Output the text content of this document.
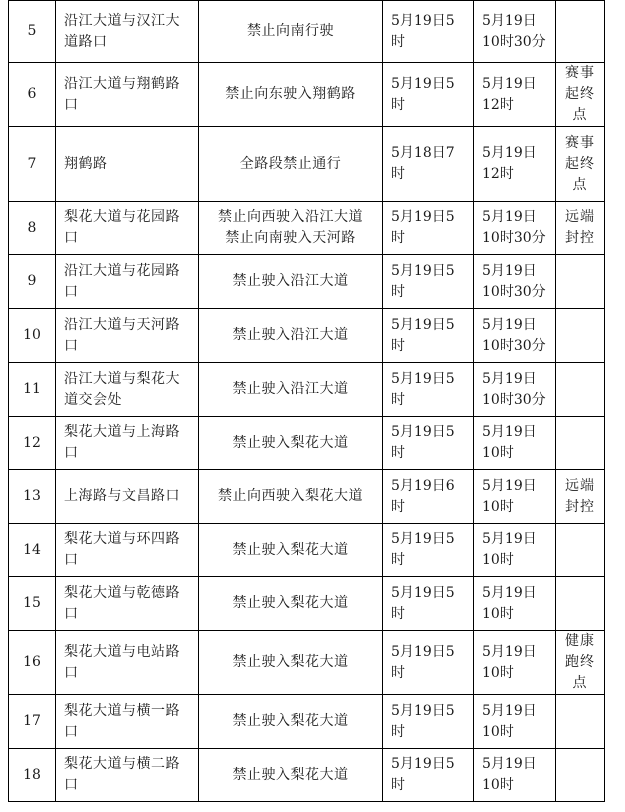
5	沿江大道与汉江大
道路口	禁止向南行驶	5月19日5
时	5月19日
10时30分	

6	沿江大道与翔鹤路
口	禁止向东驶入翔鹤路	5月19日5
时	5月19日
12时	赛事
起终
点

7	翔鹤路	全路段禁止通行	5月18日7
时	5月19日
12时	赛事
起终
点

8	梨花大道与花园路
口	禁止向西驶入沿江大道
禁止向南驶入天河路	5月19日5
时	5月19日
10时30分	远端
封控

9	沿江大道与花园路
口	禁止驶入沿江大道	5月19日5
时	5月19日
10时30分	

10	沿江大道与天河路
口	禁止驶入沿江大道	5月19日5
时	5月19日
10时30分	

11	沿江大道与梨花大
道交会处	禁止驶入沿江大道	5月19日5
时	5月19日
10时30分	

12	梨花大道与上海路
口	禁止驶入梨花大道	5月19日5
时	5月19日
10时	

13	上海路与文昌路口	禁止向西驶入梨花大道	5月19日6
时	5月19日
10时	远端
封控

14	梨花大道与环四路
口	禁止驶入梨花大道	5月19日5
时	5月19日
10时	

15	梨花大道与乾德路
口	禁止驶入梨花大道	5月19日5
时	5月19日
10时	

16	梨花大道与电站路
口	禁止驶入梨花大道	5月19日5
时	5月19日
10时	健康
跑终
点

17	梨花大道与横一路
口	禁止驶入梨花大道	5月19日5
时	5月19日
10时	

18	梨花大道与横二路
口	禁止驶入梨花大道	5月19日5
时	5月19日
10时	
